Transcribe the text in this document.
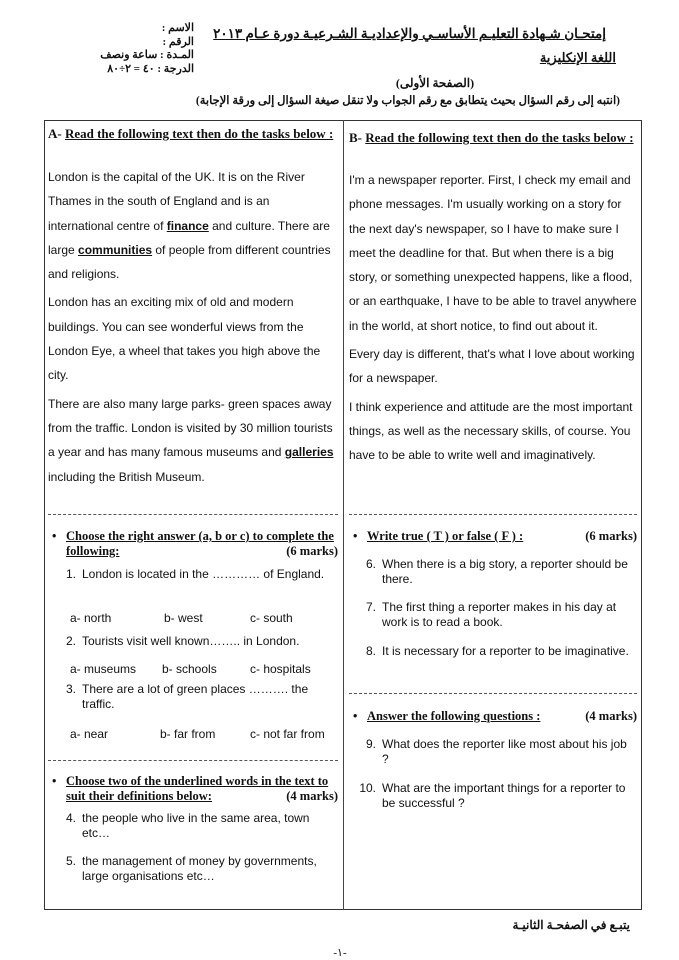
الاسم :
الرقم :
المـدة : ساعة ونصف
الدرجة : ٤٠ = ٢÷٨٠
إمتحـان شـهادة التعليـم الأساسـي والإعداديـة الشـرعيـة دورة عـام ٢٠١٣
اللغة الإنكليزية
(الصفحة الأولى)
(انتبه إلى رقم السؤال بحيث يتطابق مع رقم الجواب ولا تنقل صيغة السؤال إلى ورقة الإجابة)
A- Read the following text then do the tasks below :

London is the capital of the UK. It is on the River Thames in the south of England and is an international centre of finance and culture. There are large communities of people from different countries and religions.

London has an exciting mix of old and modern buildings. You can see wonderful views from the London Eye, a wheel that takes you high above the city.

There are also many large parks- green spaces away from the traffic. London is visited by 30 million tourists a year and has many famous museums and galleries including the British Museum.

• Choose the right answer (a, b or c) to complete the following:	(6 marks)
1. London is located in the ………… of England.
a- north	b- west	c- south
2. Tourists visit well known…….. in London.
a- museums b- schools	c- hospitals
3. There are a lot of green places ………. the traffic.
a- near	b- far from	c- not far from
• Choose two of the underlined words in the text to suit their definitions below:	(4 marks)
4. the people who live in the same area, town etc…
5. the management of money by governments, large organisations etc…
B- Read the following text then do the tasks below :

I'm a newspaper reporter. First, I check my email and phone messages. I'm usually working on a story for the next day's newspaper, so I have to make sure I meet the deadline for that. But when there is a big story, or something unexpected happens, like a flood, or an earthquake, I have to be able to travel anywhere in the world, at short notice, to find out about it.

Every day is different, that's what I love about working for a newspaper.

I think experience and attitude are the most important things, as well as the necessary skills, of course. You have to be able to write well and imaginatively.

• Write true ( T ) or false ( F ) :	(6 marks)
6. When there is a big story, a reporter should be there.
7. The first thing a reporter makes in his day at work is to read a book.
8. It is necessary for a reporter to be imaginative.
• Answer the following questions :	(4 marks)
9. What does the reporter like most about his job ?
10. What are the important things for a reporter to be successful ?
يتبـع في الصفحـة الثانيـة
-١-
